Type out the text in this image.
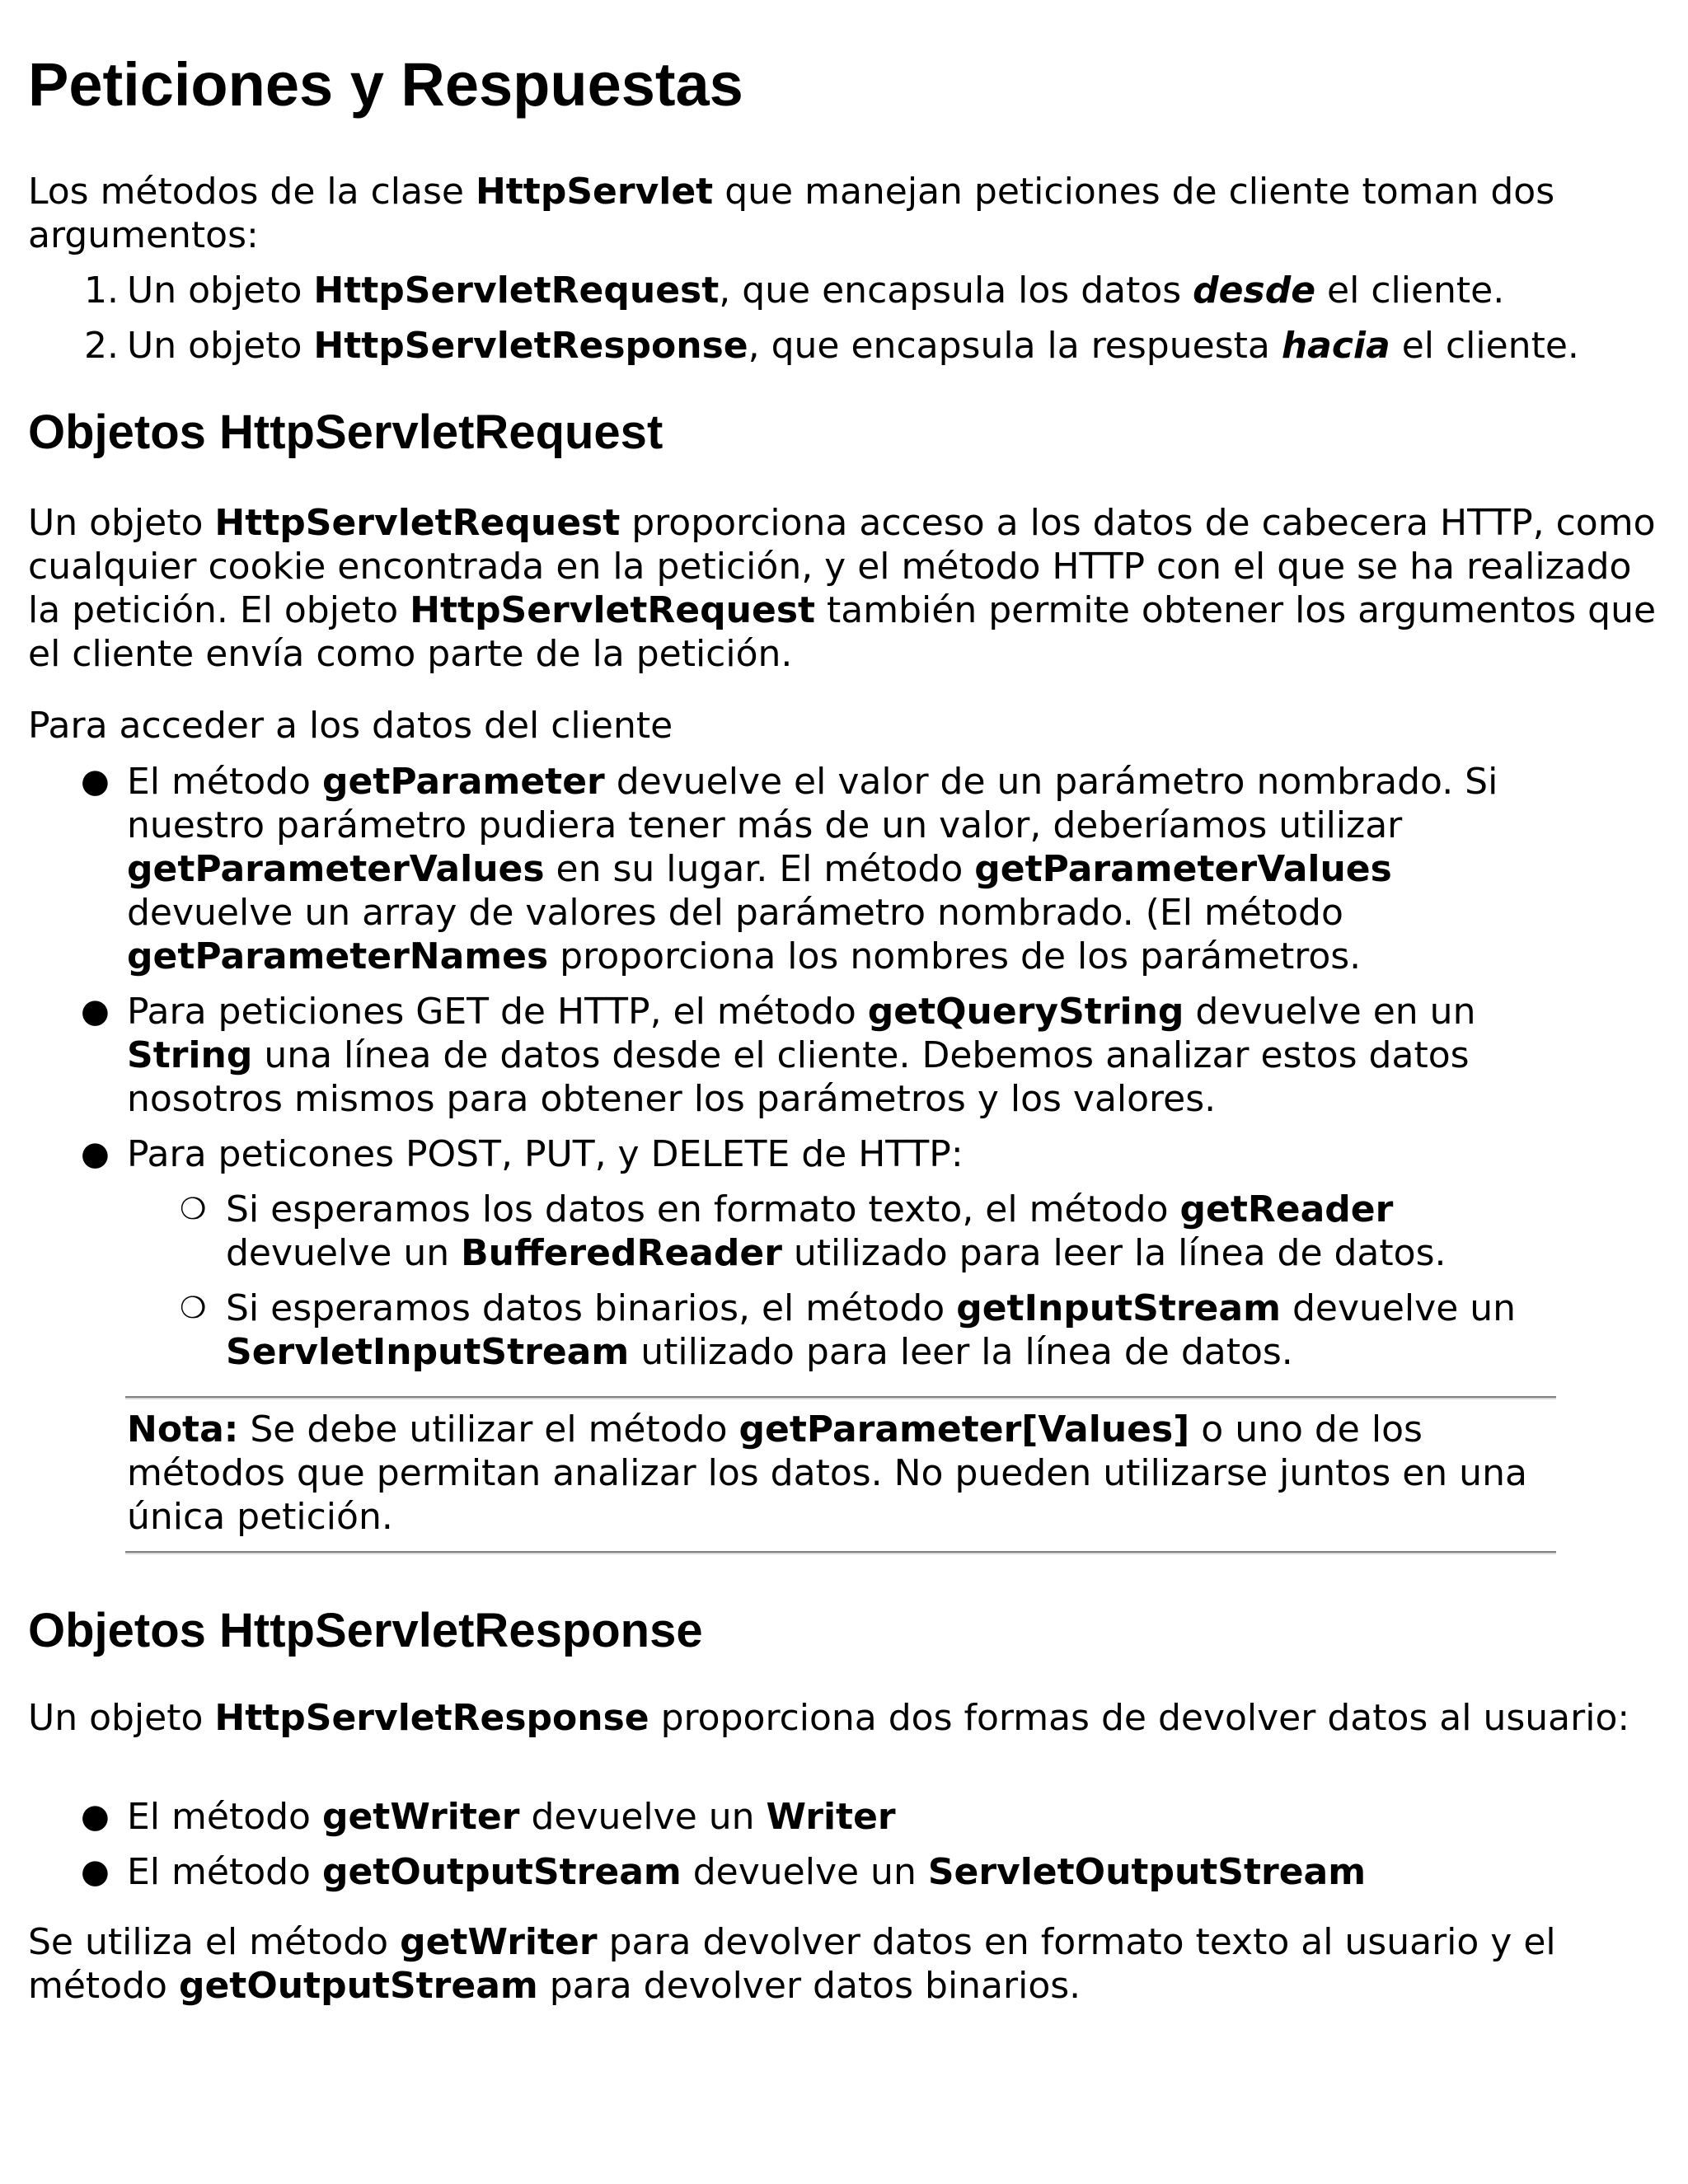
Peticiones y Respuestas

Los métodos de la clase HttpServlet que manejan peticiones de cliente toman dos argumentos:

1. Un objeto HttpServletRequest, que encapsula los datos desde el cliente.
2. Un objeto HttpServletResponse, que encapsula la respuesta hacia el cliente.
Objetos HttpServletRequest

Un objeto HttpServletRequest proporciona acceso a los datos de cabecera HTTP, como cualquier cookie encontrada en la petición, y el método HTTP con el que se ha realizado la petición. El objeto HttpServletRequest también permite obtener los argumentos que el cliente envía como parte de la petición.

Para acceder a los datos del cliente

● El método getParameter devuelve el valor de un parámetro nombrado. Si nuestro parámetro pudiera tener más de un valor, deberíamos utilizar getParameterValues en su lugar. El método getParameterValues devuelve un array de valores del parámetro nombrado. (El método getParameterNames proporciona los nombres de los parámetros.
● Para peticiones GET de HTTP, el método getQueryString devuelve en un String una línea de datos desde el cliente. Debemos analizar estos datos nosotros mismos para obtener los parámetros y los valores.
● Para peticones POST, PUT, y DELETE de HTTP:
❍ Si esperamos los datos en formato texto, el método getReader devuelve un BufferedReader utilizado para leer la línea de datos.
❍ Si esperamos datos binarios, el método getInputStream devuelve un ServletInputStream utilizado para leer la línea de datos.

Nota: Se debe utilizar el método getParameter[Values] o uno de los métodos que permitan analizar los datos. No pueden utilizarse juntos en una única petición.

Objetos HttpServletResponse

Un objeto HttpServletResponse proporciona dos formas de devolver datos al usuario:

● El método getWriter devuelve un Writer
● El método getOutputStream devuelve un ServletOutputStream

Se utiliza el método getWriter para devolver datos en formato texto al usuario y el método getOutputStream para devolver datos binarios.
